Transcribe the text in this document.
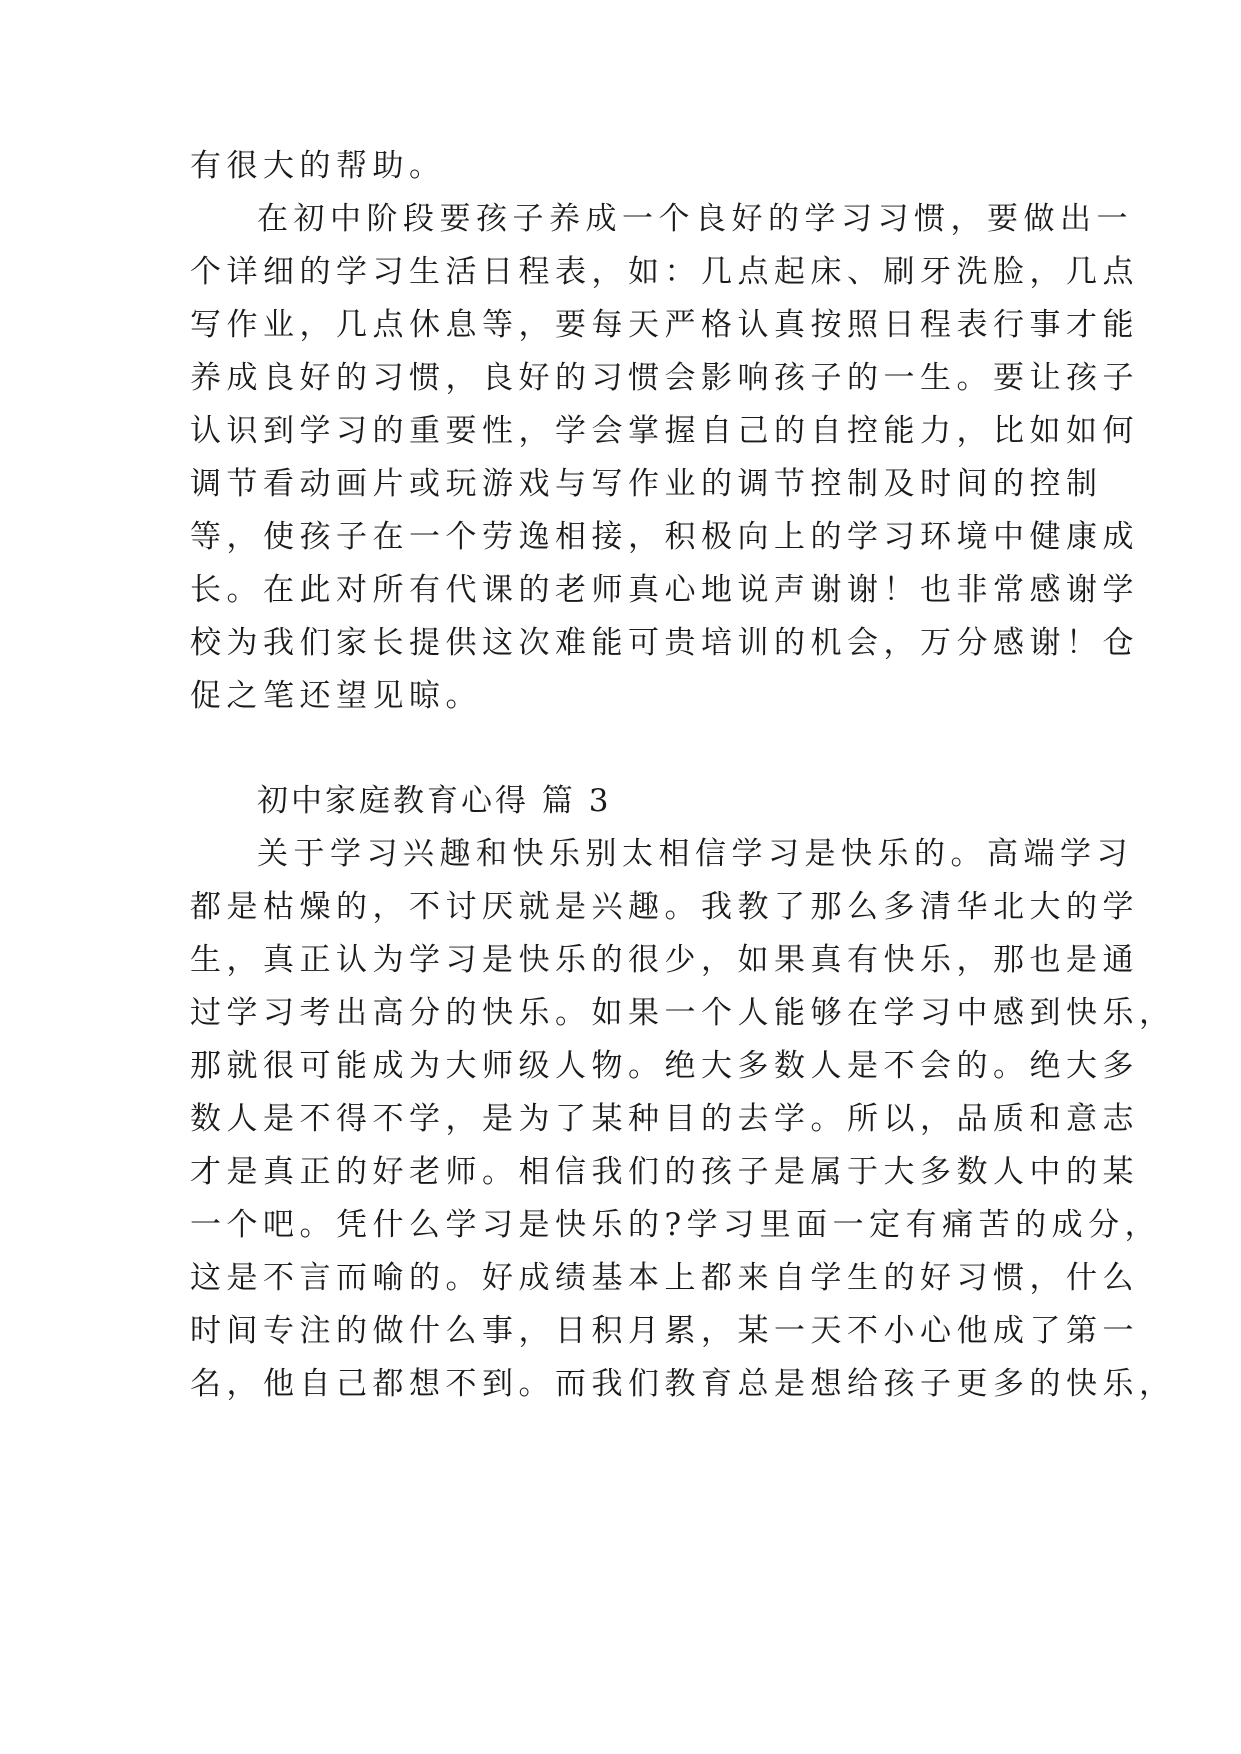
有很大的帮助。
在初中阶段要孩子养成一个良好的学习习惯，要做出一
个详细的学习生活日程表，如：几点起床、刷牙洗脸，几点
写作业，几点休息等，要每天严格认真按照日程表行事才能
养成良好的习惯，良好的习惯会影响孩子的一生。要让孩子
认识到学习的重要性，学会掌握自己的自控能力，比如如何
调节看动画片或玩游戏与写作业的调节控制及时间的控制
等，使孩子在一个劳逸相接，积极向上的学习环境中健康成
长。在此对所有代课的老师真心地说声谢谢！也非常感谢学
校为我们家长提供这次难能可贵培训的机会，万分感谢！仓
促之笔还望见晾。
初中家庭教育心得 篇 3
关于学习兴趣和快乐别太相信学习是快乐的。高端学习
都是枯燥的，不讨厌就是兴趣。我教了那么多清华北大的学
生，真正认为学习是快乐的很少，如果真有快乐，那也是通
过学习考出高分的快乐。如果一个人能够在学习中感到快乐，
那就很可能成为大师级人物。绝大多数人是不会的。绝大多
数人是不得不学，是为了某种目的去学。所以，品质和意志
才是真正的好老师。相信我们的孩子是属于大多数人中的某
一个吧。凭什么学习是快乐的?学习里面一定有痛苦的成分，
这是不言而喻的。好成绩基本上都来自学生的好习惯，什么
时间专注的做什么事，日积月累，某一天不小心他成了第一
名，他自己都想不到。而我们教育总是想给孩子更多的快乐，
